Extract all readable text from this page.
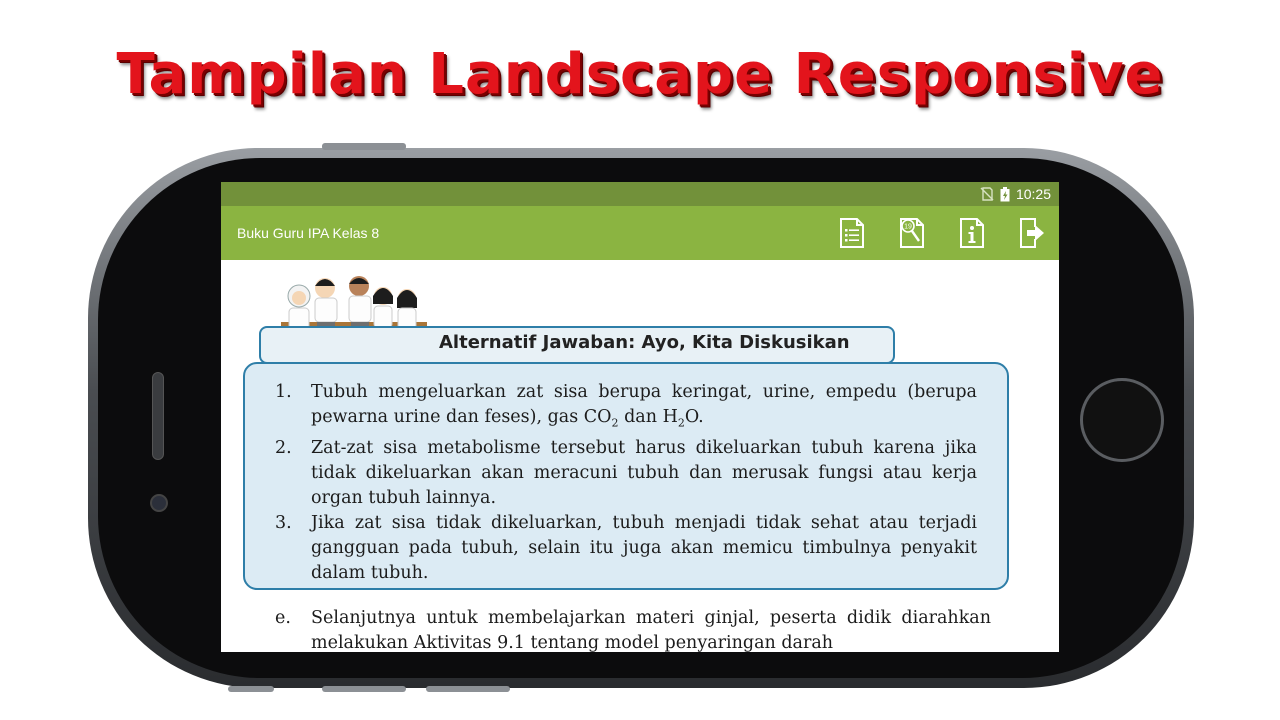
Tampilan Landscape Responsive
10:25
Buku Guru IPA Kelas 8	19
Alternatif Jawaban: Ayo, Kita Diskusikan
1. Tubuh mengeluarkan zat sisa berupa keringat, urine, empedu (berupa pewarna urine dan feses), gas $CO_2$ dan $H_2O$.
2. Zat-zat sisa metabolisme tersebut harus dikeluarkan tubuh karena jika tidak dikeluarkan akan meracuni tubuh dan merusak fungsi atau kerja organ tubuh lainnya.
3. Jika zat sisa tidak dikeluarkan, tubuh menjadi tidak sehat atau terjadi gangguan pada tubuh, selain itu juga akan memicu timbulnya penyakit dalam tubuh.
e. Selanjutnya untuk membelajarkan materi ginjal, peserta didik diarahkan melakukan Aktivitas 9.1 tentang model penyaringan darah
